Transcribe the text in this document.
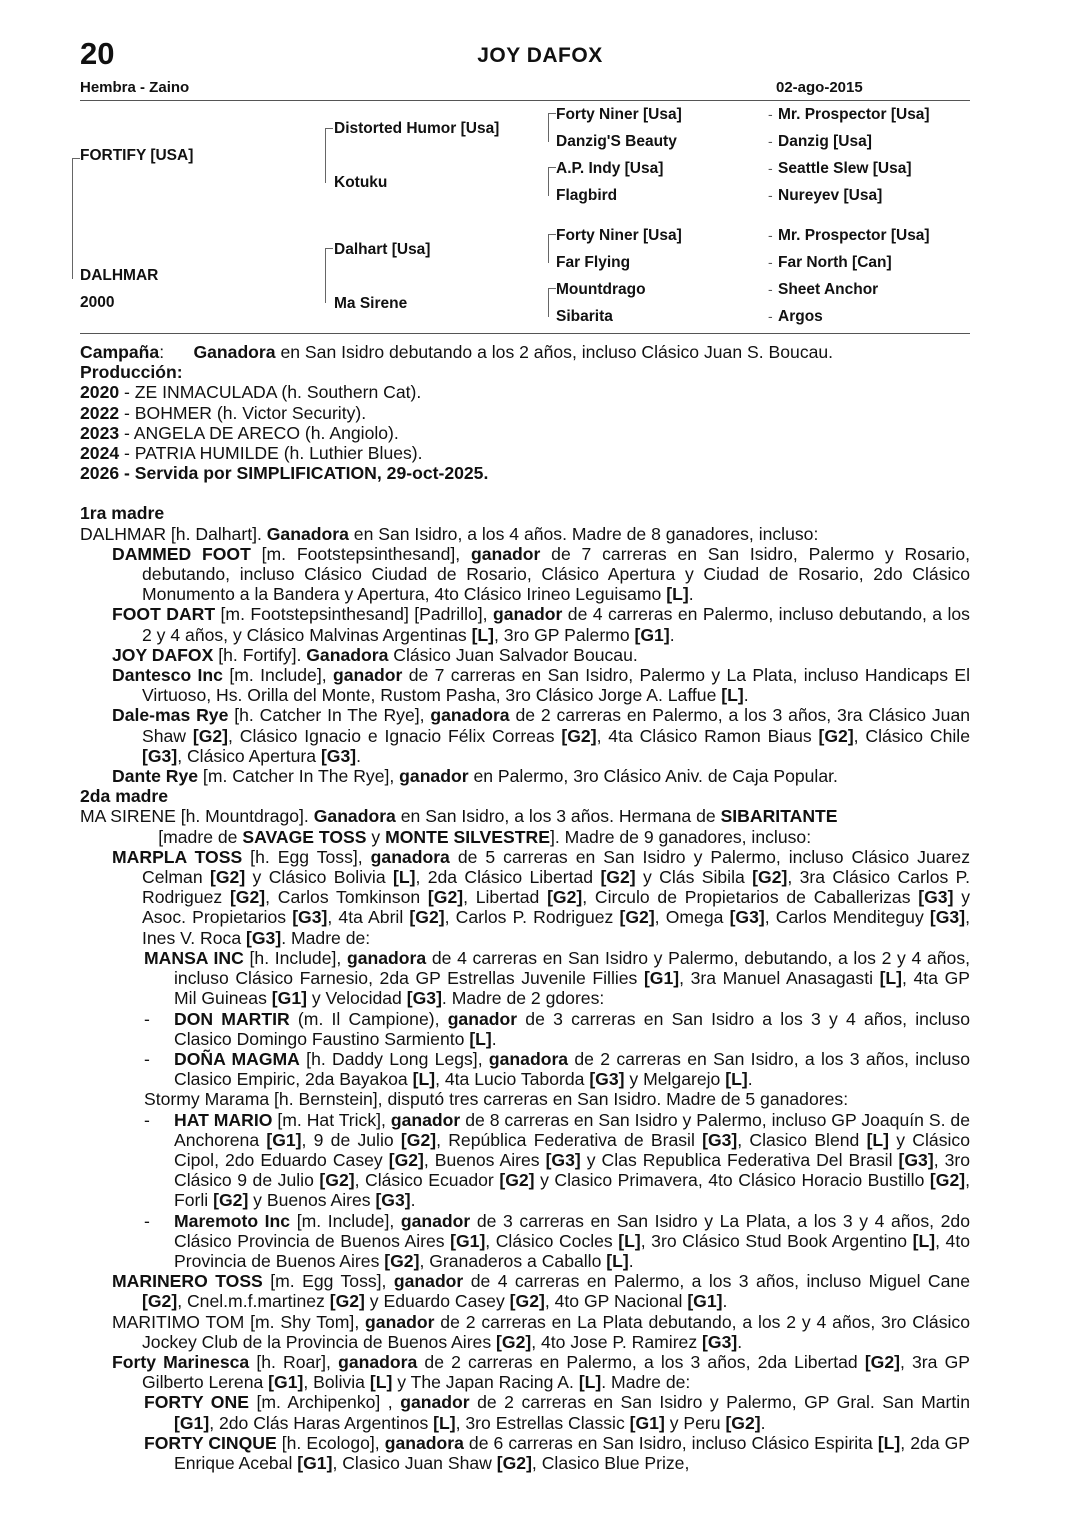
20	JOY DAFOX
Hembra - Zaino	02-ago-2015
FORTIFY [USA]
DALHMAR
2000
Distorted Humor [Usa]
Kotuku
Dalhart [Usa]
Ma Sirene
Forty Niner [Usa]
Danzig'S Beauty
A.P. Indy [Usa]
Flagbird
Forty Niner [Usa]
Far Flying
Mountdrago
Sibarita
-
-
-
-
-
-
-
-
Mr. Prospector [Usa]
Danzig [Usa]
Seattle Slew [Usa]
Nureyev [Usa]
Mr. Prospector [Usa]
Far North [Can]
Sheet Anchor
Argos

Campaña: Ganadora en San Isidro debutando a los 2 años, incluso Clásico Juan S. Boucau.

Producción:

2020 - ZE INMACULADA (h. Southern Cat).

2022 - BOHMER (h. Victor Security).

2023 - ANGELA DE ARECO (h. Angiolo).

2024 - PATRIA HUMILDE (h. Luthier Blues).

2026 - Servida por SIMPLIFICATION, 29-oct-2025.

1ra madre

DALHMAR [h. Dalhart]. Ganadora en San Isidro, a los 4 años. Madre de 8 ganadores, incluso:

DAMMED FOOT [m. Footstepsinthesand], ganador de 7 carreras en San Isidro, Palermo y Rosario, debutando, incluso Clásico Ciudad de Rosario, Clásico Apertura y Ciudad de Rosario, 2do Clásico Monumento a la Bandera y Apertura, 4to Clásico Irineo Leguisamo [L].

FOOT DART [m. Footstepsinthesand] [Padrillo], ganador de 4 carreras en Palermo, incluso debutando, a los 2 y 4 años, y Clásico Malvinas Argentinas [L], 3ro GP Palermo [G1].

JOY DAFOX [h. Fortify]. Ganadora Clásico Juan Salvador Boucau.

Dantesco Inc [m. Include], ganador de 7 carreras en San Isidro, Palermo y La Plata, incluso Handicaps El Virtuoso, Hs. Orilla del Monte, Rustom Pasha, 3ro Clásico Jorge A. Laffue [L].

Dale-mas Rye [h. Catcher In The Rye], ganadora de 2 carreras en Palermo, a los 3 años, 3ra Clásico Juan Shaw [G2], Clásico Ignacio e Ignacio Félix Correas [G2], 4ta Clásico Ramon Biaus [G2], Clásico Chile [G3], Clásico Apertura [G3].

Dante Rye [m. Catcher In The Rye], ganador en Palermo, 3ro Clásico Aniv. de Caja Popular.

2da madre

MA SIRENE [h. Mountdrago]. Ganadora en San Isidro, a los 3 años. Hermana de SIBARITANTE
[madre de SAVAGE TOSS y MONTE SILVESTRE]. Madre de 9 ganadores, incluso:

MARPLA TOSS [h. Egg Toss], ganadora de 5 carreras en San Isidro y Palermo, incluso Clásico Juarez Celman [G2] y Clásico Bolivia [L], 2da Clásico Libertad [G2] y Clás Sibila [G2], 3ra Clásico Carlos P. Rodriguez [G2], Carlos Tomkinson [G2], Libertad [G2], Circulo de Propietarios de Caballerizas [G3] y Asoc. Propietarios [G3], 4ta Abril [G2], Carlos P. Rodriguez [G2], Omega [G3], Carlos Menditeguy [G3], Ines V. Roca [G3]. Madre de:

MANSA INC [h. Include], ganadora de 4 carreras en San Isidro y Palermo, debutando, a los 2 y 4 años, incluso Clásico Farnesio, 2da GP Estrellas Juvenile Fillies [G1], 3ra Manuel Anasagasti [L], 4ta GP Mil Guineas [G1] y Velocidad [G3]. Madre de 2 gdores:

- DON MARTIR (m. Il Campione), ganador de 3 carreras en San Isidro a los 3 y 4 años, incluso Clasico Domingo Faustino Sarmiento [L].

- DOÑA MAGMA [h. Daddy Long Legs], ganadora de 2 carreras en San Isidro, a los 3 años, incluso Clasico Empiric, 2da Bayakoa [L], 4ta Lucio Taborda [G3] y Melgarejo [L].

Stormy Marama [h. Bernstein], disputó tres carreras en San Isidro. Madre de 5 ganadores:

- HAT MARIO [m. Hat Trick], ganador de 8 carreras en San Isidro y Palermo, incluso GP Joaquín S. de Anchorena [G1], 9 de Julio [G2], República Federativa de Brasil [G3], Clasico Blend [L] y Clásico Cipol, 2do Eduardo Casey [G2], Buenos Aires [G3] y Clas Republica Federativa Del Brasil [G3], 3ro Clásico 9 de Julio [G2], Clásico Ecuador [G2] y Clasico Primavera, 4to Clásico Horacio Bustillo [G2], Forli [G2] y Buenos Aires [G3].

- Maremoto Inc [m. Include], ganador de 3 carreras en San Isidro y La Plata, a los 3 y 4 años, 2do Clásico Provincia de Buenos Aires [G1], Clásico Cocles [L], 3ro Clásico Stud Book Argentino [L], 4to Provincia de Buenos Aires [G2], Granaderos a Caballo [L].

MARINERO TOSS [m. Egg Toss], ganador de 4 carreras en Palermo, a los 3 años, incluso Miguel Cane [G2], Cnel.m.f.martinez [G2] y Eduardo Casey [G2], 4to GP Nacional [G1].

MARITIMO TOM [m. Shy Tom], ganador de 2 carreras en La Plata debutando, a los 2 y 4 años, 3ro Clásico Jockey Club de la Provincia de Buenos Aires [G2], 4to Jose P. Ramirez [G3].

Forty Marinesca [h. Roar], ganadora de 2 carreras en Palermo, a los 3 años, 2da Libertad [G2], 3ra GP Gilberto Lerena [G1], Bolivia [L] y The Japan Racing A. [L]. Madre de:

FORTY ONE [m. Archipenko] , ganador de 2 carreras en San Isidro y Palermo, GP Gral. San Martin [G1], 2do Clás Haras Argentinos [L], 3ro Estrellas Classic [G1] y Peru [G2].

FORTY CINQUE [h. Ecologo], ganadora de 6 carreras en San Isidro, incluso Clásico Espirita [L], 2da GP Enrique Acebal [G1], Clasico Juan Shaw [G2], Clasico Blue Prize,
